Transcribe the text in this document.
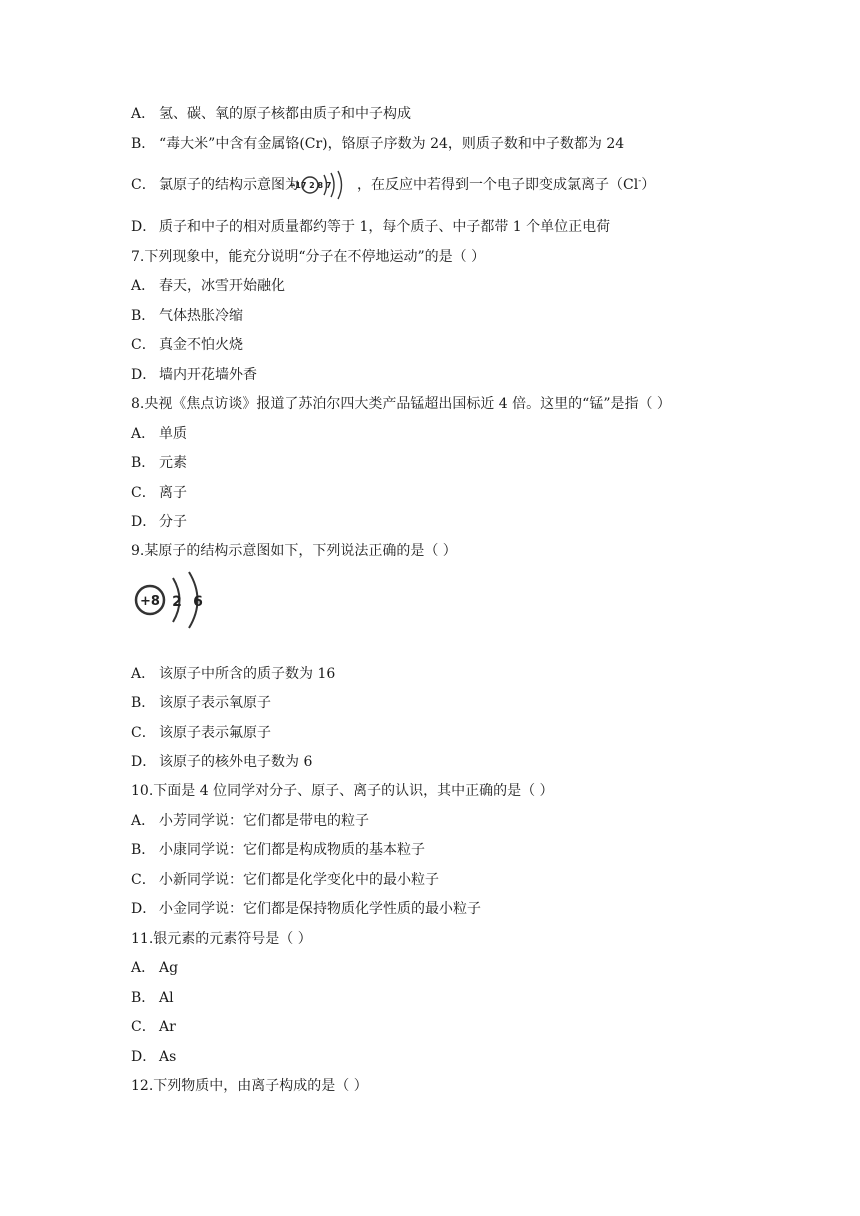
A． 氢、碳、氧的原子核都由质子和中子构成
B． “毒大米”中含有金属铬(Cr)，铬原子序数为 24，则质子数和中子数都为 24
C． 氯原子的结构示意图为
+17 2 8 7 ，在反应中若得到一个电子即变成氯离子（Cl-）
D． 质子和中子的相对质量都约等于 1，每个质子、中子都带 1 个单位正电荷
7.下列现象中，能充分说明“分子在不停地运动”的是（ ）
A． 春天，冰雪开始融化
B． 气体热胀冷缩
C． 真金不怕火烧
D． 墙内开花墙外香
8.央视《焦点访谈》报道了苏泊尔四大类产品锰超出国标近 4 倍。这里的“锰”是指（ ）
A． 单质
B． 元素
C． 离子
D． 分子
9.某原子的结构示意图如下，下列说法正确的是（ ）
+8 2 6
A． 该原子中所含的质子数为 16
B． 该原子表示氧原子
C． 该原子表示氟原子
D． 该原子的核外电子数为 6
10.下面是 4 位同学对分子、原子、离子的认识，其中正确的是（ ）
A． 小芳同学说：它们都是带电的粒子
B． 小康同学说：它们都是构成物质的基本粒子
C． 小新同学说：它们都是化学变化中的最小粒子
D． 小金同学说：它们都是保持物质化学性质的最小粒子
11.银元素的元素符号是（ ）
A． Ag
B． Al
C． Ar
D． As
12.下列物质中，由离子构成的是（ ）
